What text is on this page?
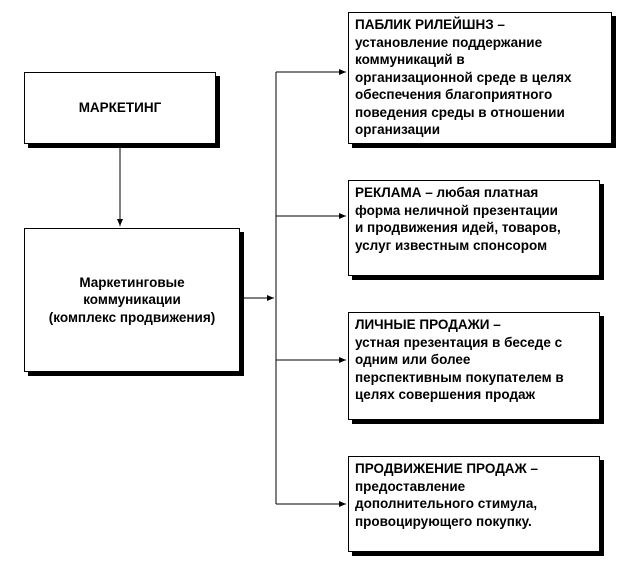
МАРКЕТИНГ
Маркетинговые
коммуникации
(комплекс продвижения)
ПАБЛИК РИЛЕЙШНЗ –
установление поддержание
коммуникаций в
организационной среде в целях
обеспечения благоприятного
поведения среды в отношении
организации
РЕКЛАМА – любая платная
форма неличной презентации
и продвижения идей, товаров,
услуг известным спонсором
ЛИЧНЫЕ ПРОДАЖИ –
устная презентация в беседе с
одним или более
перспективным покупателем в
целях совершения продаж
ПРОДВИЖЕНИЕ ПРОДАЖ –
предоставление
дополнительного стимула,
провоцирующего покупку.
